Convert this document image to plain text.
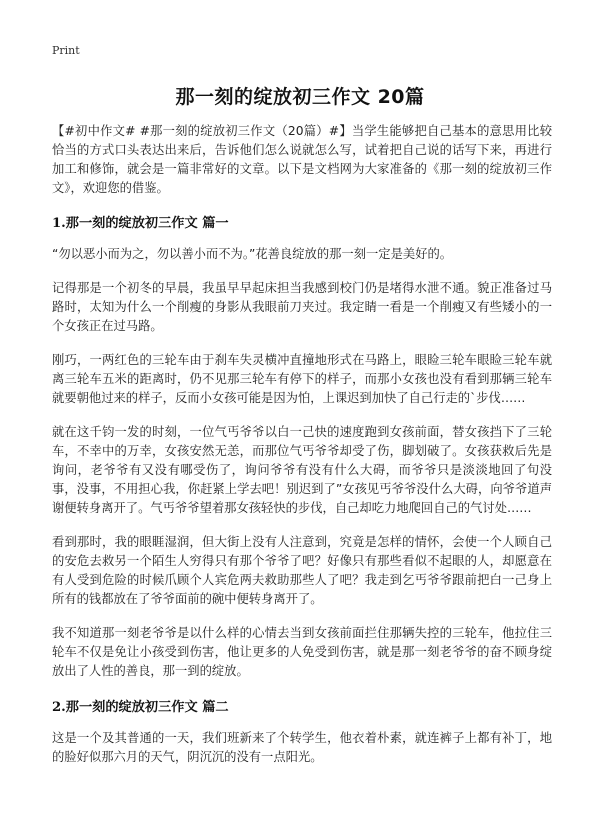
Print
那一刻的绽放初三作文 20篇

【#初中作文# #那一刻的绽放初三作文（20篇）#】当学生能够把自己基本的意思用比较恰当的方式口头表达出来后，告诉他们怎么说就怎么写，试着把自己说的话写下来，再进行加工和修饰，就会是一篇非常好的文章。以下是文档网为大家准备的《那一刻的绽放初三作文》，欢迎您的借鉴。

1.那一刻的绽放初三作文 篇一

“勿以恶小而为之，勿以善小而不为。”花善良绽放的那一刻一定是美好的。

记得那是一个初冬的早晨，我虽早早起床担当我感到校门仍是堵得水泄不通。貌正准备过马路时，太知为什么一个削瘦的身影从我眼前刀夹过。我定睛一看是一个削瘦又有些矮小的一个女孩正在过马路。

刚巧，一两红色的三轮车由于刹车失灵横冲直撞地形式在马路上，眼睑三轮车眼睑三轮车就离三轮车五米的距离时，仍不见那三轮车有停下的样子，而那小女孩也没有看到那辆三轮车就要朝他过来的样子，反而小女孩可能是因为怕，上课迟到加快了自己行走的`步伐……

就在这千钧一发的时刻，一位气丐爷爷以白一己快的速度跑到女孩前面，替女孩挡下了三轮车，不幸中的万幸，女孩安然无恙，而那位气丐爷爷却受了伤，脚划破了。女孩获救后先是询问，老爷爷有又没有哪受伤了，询问爷爷有没有什么大碍，而爷爷只是淡淡地回了句没事，没事，不用担心我，你赶紧上学去吧！别迟到了”女孩见丐爷爷没什么大碍，向爷爷道声谢便转身离开了。气丐爷爷望着那女孩轻快的步伐，自己却吃力地爬回自己的气讨处……

看到那时，我的眼睚湿润，但大街上没有人注意到，究竟是怎样的情怀，会使一个人顾自己的安危去救另一个陌生人穷得只有那个爷爷了吧？好像只有那些看似不起眼的人，却愿意在有人受到危险的时候爪顾个人宾危两夫救助那些人了吧？我走到乞丐爷爷跟前把白一己身上所有的钱都放在了爷爷面前的碗中便转身离开了。

我不知道那一刻老爷爷是以什么样的心情去当到女孩前面拦住那辆失控的三轮车，他拉住三轮车不仅是免让小孩受到伤害，他让更多的人免受到伤害，就是那一刻老爷爷的奋不顾身绽放出了人性的善良，那一到的绽放。

2.那一刻的绽放初三作文 篇二

这是一个及其普通的一天，我们班新来了个转学生，他衣着朴素，就连裤子上都有补丁，地的脸好似那六月的天气，阴沉沉的没有一点阳光。
